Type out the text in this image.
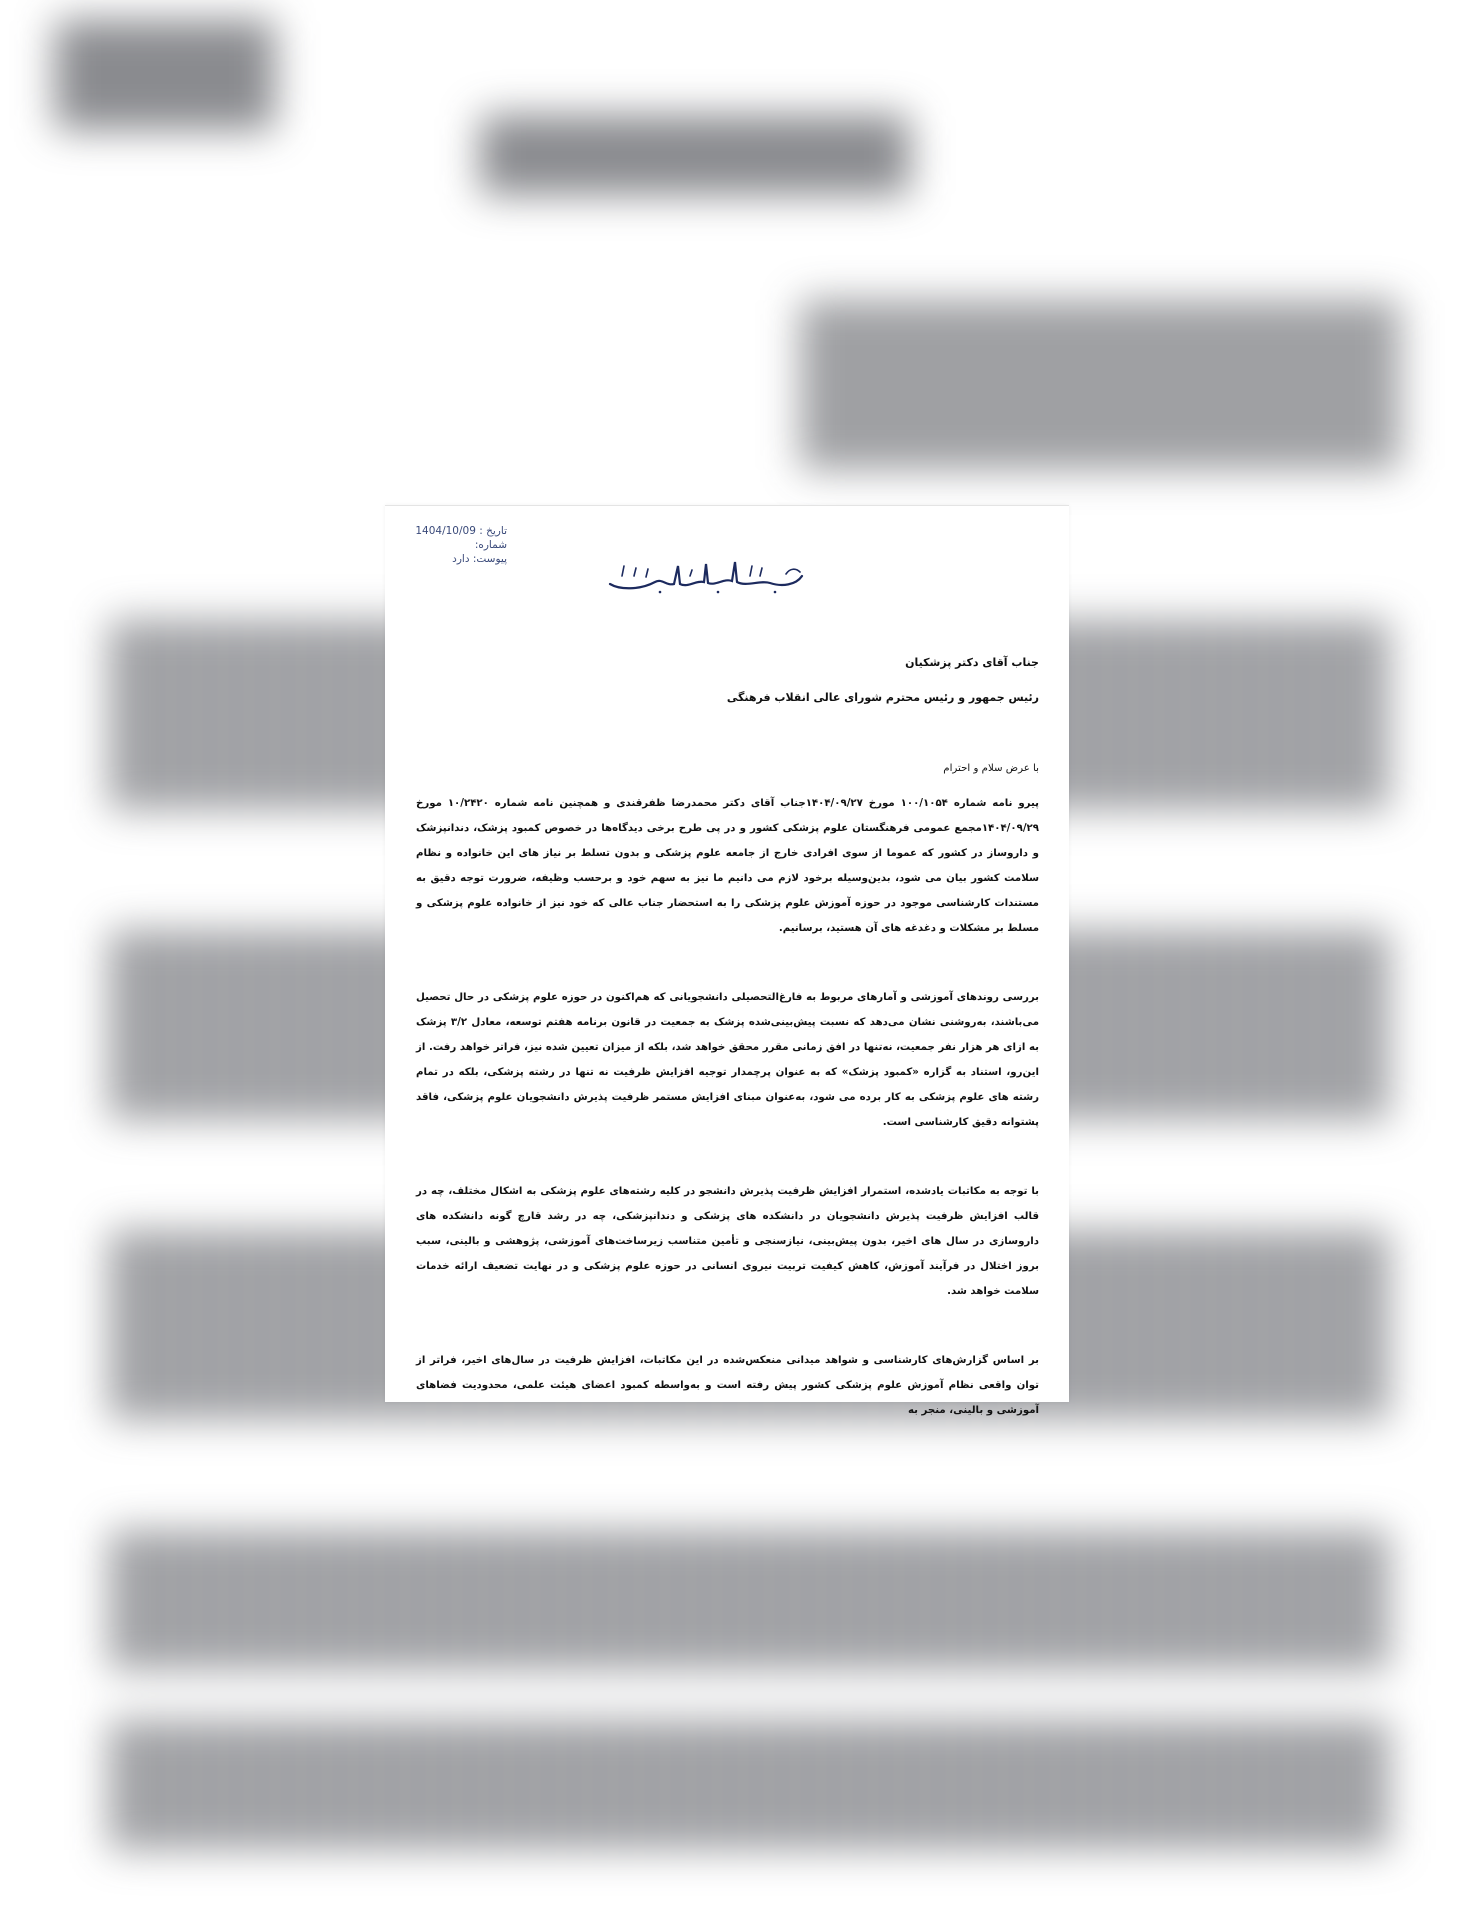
تاریخ : 1404/10/09
شماره:
پیوست: دارد
جناب آقای دکتر پزشکیان
رئیس جمهور و رئیس محترم شورای عالی انقلاب فرهنگی
با عرض سلام و احترام

پیرو نامه شماره ۱۰۰/۱۰۵۴ مورخ ۱۴۰۴/۰۹/۲۷جناب آقای دکتر محمدرضا ظفرقندی و همچنین نامه شماره ۱۰/۲۴۲۰ مورخ ۱۴۰۴/۰۹/۲۹مجمع عمومی فرهنگستان علوم پزشکی کشور و در پی طرح برخی دیدگاه‌ها در خصوص کمبود پزشک، دندانپزشک و داروساز در کشور که عموما از سوی افرادی خارج از جامعه علوم پزشکی و بدون تسلط بر نیاز های این خانواده و نظام سلامت کشور بیان می شود، بدین‌وسیله برخود لازم می دانیم ما نیز به سهم خود و برحسب وظیفه، ضرورت توجه دقیق به مستندات کارشناسی موجود در حوزه آموزش علوم پزشکی را به استحضار جناب عالی که خود نیز از خانواده علوم پزشکی و مسلط بر مشکلات و دغدغه های آن هستید، برسانیم.

بررسی روندهای آموزشی و آمارهای مربوط به فارغ‌التحصیلی دانشجویانی که هم‌اکنون در حوزه علوم پزشکی در حال تحصیل می‌باشند، به‌روشنی نشان می‌دهد که نسبت پیش‌بینی‌شده پزشک به جمعیت در قانون برنامه هفتم توسعه، معادل ۳/۲ پزشک به ازای هر هزار نفر جمعیت، نه‌تنها در افق زمانی مقرر محقق خواهد شد، بلکه از میزان تعیین شده نیز، فراتر خواهد رفت. از این‌رو، استناد به گزاره «کمبود پزشک» که به عنوان پرچمدار توجیه افزایش ظرفیت نه تنها در رشته پزشکی، بلکه در تمام رشته های علوم پزشکی به کار برده می شود، به‌عنوان مبنای افزایش مستمر ظرفیت پذیرش دانشجویان علوم پزشکی، فاقد پشتوانه دقیق کارشناسی است.

با توجه به مکاتبات یادشده، استمرار افزایش ظرفیت پذیرش دانشجو در کلیه رشته‌های علوم پزشکی به اشکال مختلف، چه در قالب افزایش ظرفیت پذیرش دانشجویان در دانشکده های پزشکی و دندانپزشکی، چه در رشد قارچ گونه دانشکده های داروسازی در سال های اخیر، بدون پیش‌بینی، نیازسنجی و تأمین متناسب زیرساخت‌های آموزشی، پژوهشی و بالینی، سبب بروز اختلال در فرآیند آموزش، کاهش کیفیت تربیت نیروی انسانی در حوزه علوم پزشکی و در نهایت تضعیف ارائه خدمات سلامت خواهد شد.

بر اساس گزارش‌های کارشناسی و شواهد میدانی منعکس‌شده در این مکاتبات، افزایش ظرفیت در سال‌های اخیر، فراتر از توان واقعی نظام آموزش علوم پزشکی کشور پیش رفته است و به‌واسطه کمبود اعضای هیئت علمی، محدودیت فضاهای آموزشی و بالینی، منجر به
